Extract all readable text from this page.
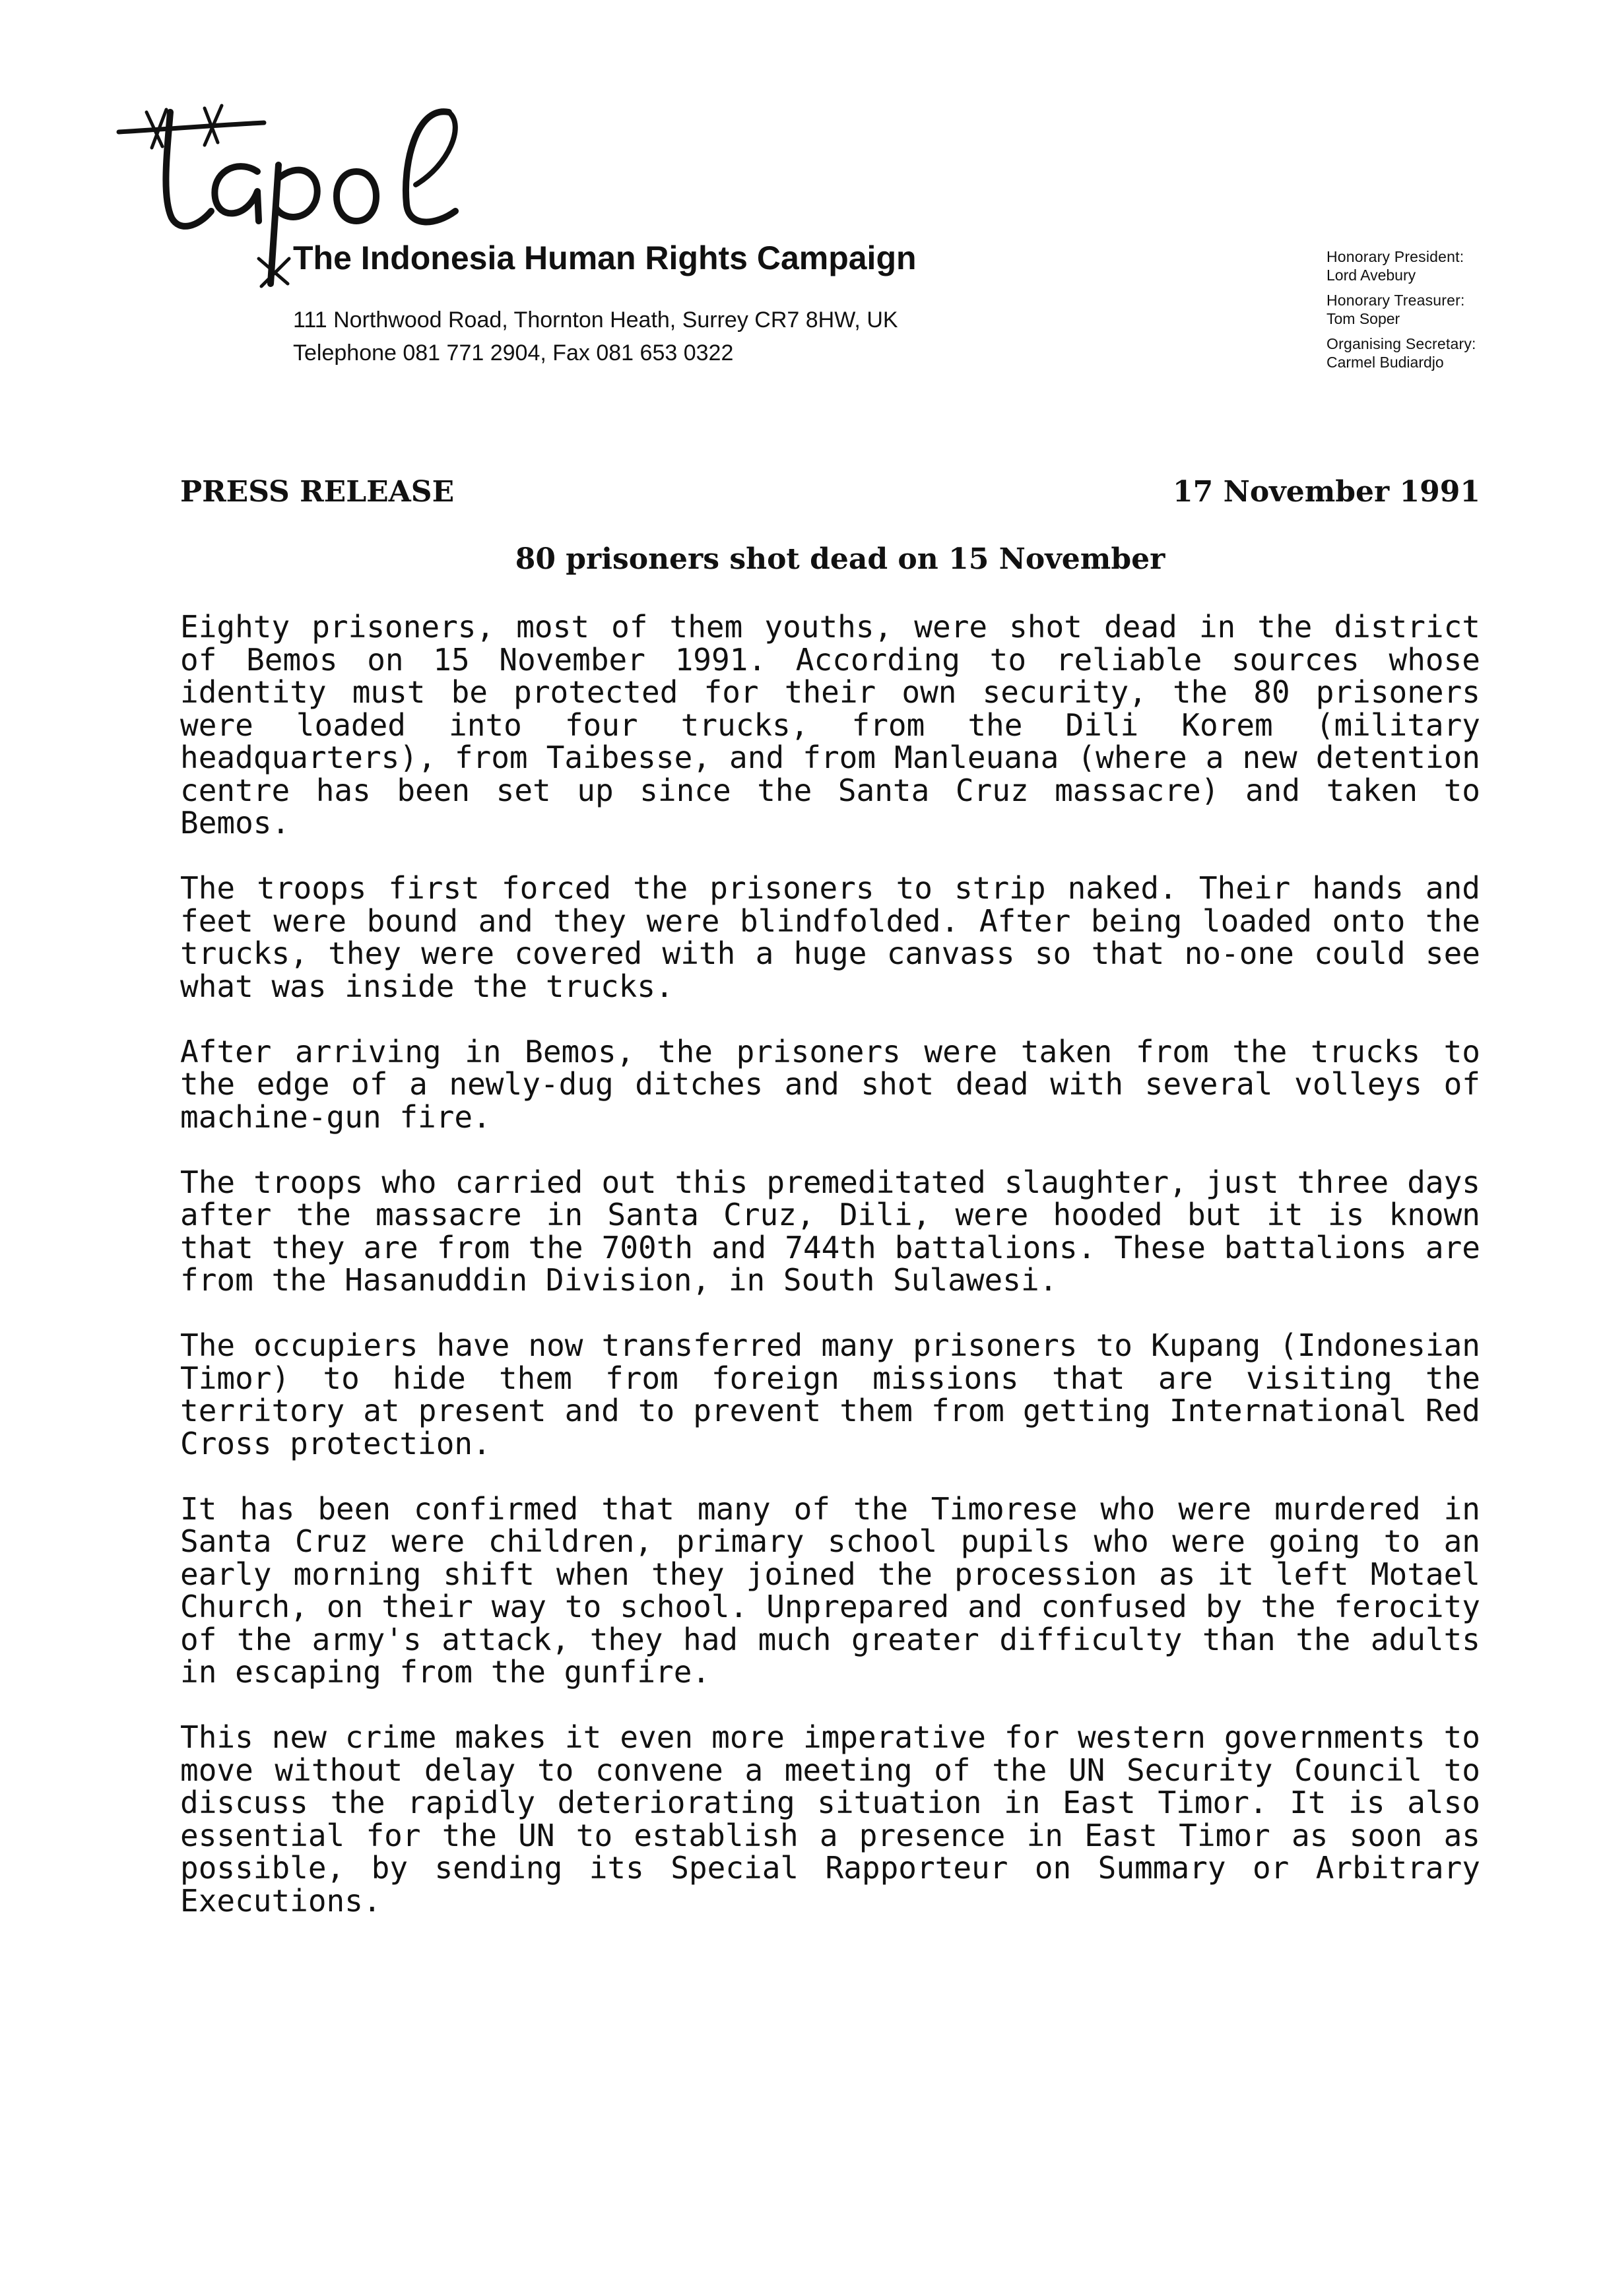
The Indonesia Human Rights Campaign
111 Northwood Road, Thornton Heath, Surrey CR7 8HW, UK
Telephone 081 771 2904, Fax 081 653 0322
Honorary President:
Lord Avebury
Honorary Treasurer:
Tom Soper
Organising Secretary:
Carmel Budiardjo
PRESS RELEASE	17 November 1991
80 prisoners shot dead on 15 November

Eighty prisoners, most of them youths, were shot dead in the district of Bemos on 15 November 1991. According to reliable sources whose identity must be protected for their own security, the 80 prisoners were loaded into four trucks, from the Dili Korem (military headquarters), from Taibesse, and from Manleuana (where a new detention centre has been set up since the Santa Cruz massacre) and taken to Bemos.

The troops first forced the prisoners to strip naked. Their hands and feet were bound and they were blindfolded. After being loaded onto the trucks, they were covered with a huge canvass so that no-one could see what was inside the trucks.

After arriving in Bemos, the prisoners were taken from the trucks to the edge of a newly-dug ditches and shot dead with several volleys of machine-gun fire.

The troops who carried out this premeditated slaughter, just three days after the massacre in Santa Cruz, Dili, were hooded but it is known that they are from the 700th and 744th battalions. These battalions are from the Hasanuddin Division, in South Sulawesi.

The occupiers have now transferred many prisoners to Kupang (Indonesian Timor) to hide them from foreign missions that are visiting the territory at present and to prevent them from getting International Red Cross protection.

It has been confirmed that many of the Timorese who were murdered in Santa Cruz were children, primary school pupils who were going to an early morning shift when they joined the procession as it left Motael Church, on their way to school. Unprepared and confused by the ferocity of the army's attack, they had much greater difficulty than the adults in escaping from the gunfire.

This new crime makes it even more imperative for western governments to move without delay to convene a meeting of the UN Security Council to discuss the rapidly deteriorating situation in East Timor. It is also essential for the UN to establish a presence in East Timor as soon as possible, by sending its Special Rapporteur on Summary or Arbitrary Executions.
